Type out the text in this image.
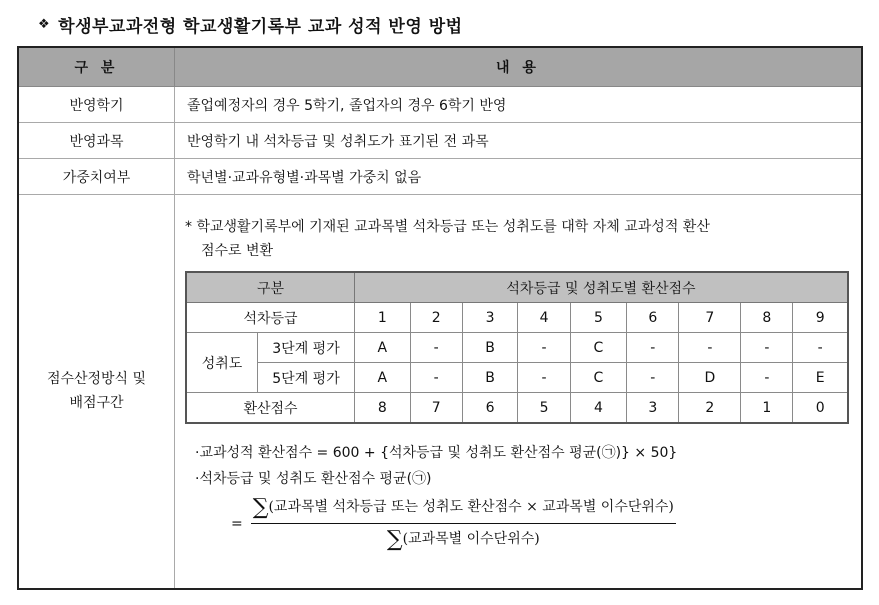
❖ 학생부교과전형 학교생활기록부 교과 성적 반영 방법
구 분	내 용
반영학기	졸업예정자의 경우 5학기, 졸업자의 경우 6학기 반영
반영과목	반영학기 내 석차등급 및 성취도가 표기된 전 과목
가중치여부	학년별·교과유형별·과목별 가중치 없음

점수산정방식 및
배점구간

* 학교생활기록부에 기재된 교과목별 석차등급 또는 성취도를 대학 자체 교과성적 환산
점수로 변환

구분	석차등급 및 성취도별 환산점수
석차등급	1	2	3	4	5	6	7	8	9
성취도	3단계 평가	A	-	B	-	C	-	-	-	-
5단계 평가	A	-	B	-	C	-	D	-	E
환산점수	8	7	6	5	4	3	2	1	0
·교과성적 환산점수 = 600 + {석차등급 및 성취도 환산점수 평균(㉠)} × 50}
·석차등급 및 성취도 환산점수 평균(㉠)
= $\frac{\text{∑(교과목별 석차등급 또는 성취도 환산점수 × 교과목별 이수단위수)}}{\text{∑(교과목별 이수단위수)}}$
